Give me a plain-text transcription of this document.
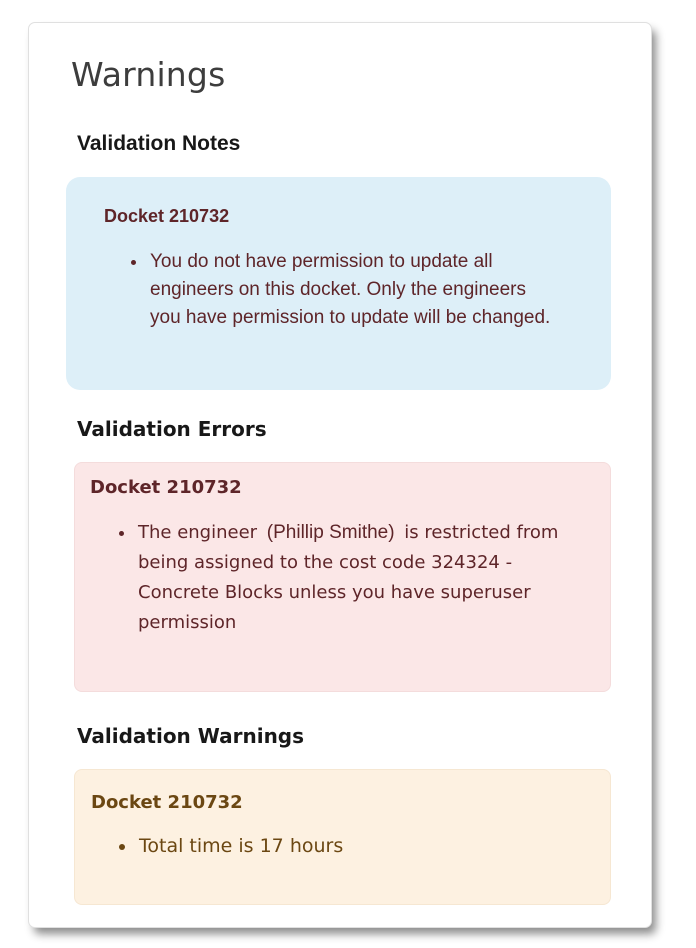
Warnings
Validation Notes

Docket 210732

• You do not have permission to update all engineers on this docket. Only the engineers you have permission to update will be changed.
Validation Errors

Docket 210732

• The engineer (Phillip Smithe) is restricted from being assigned to the cost code 324324 - Concrete Blocks unless you have superuser permission
Validation Warnings

Docket 210732

• Total time is 17 hours
